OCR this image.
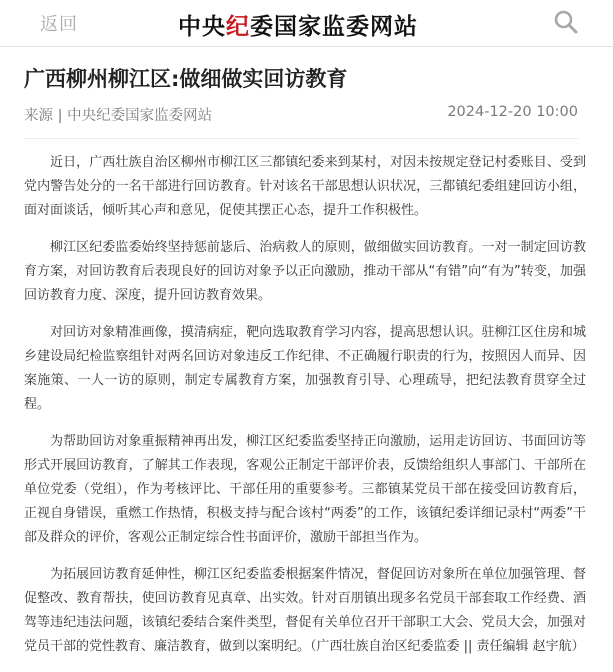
返回	中央纪委国家监委网站
广西柳州柳江区:做细做实回访教育
来源 | 中央纪委国家监委网站	2024-12-20 10:00

近日，广西壮族自治区柳州市柳江区三都镇纪委来到某村，对因未按规定登记村委账目、受到党内警告处分的一名干部进行回访教育。针对该名干部思想认识状况，三都镇纪委组建回访小组，面对面谈话，倾听其心声和意见，促使其摆正心态，提升工作积极性。

柳江区纪委监委始终坚持惩前毖后、治病救人的原则，做细做实回访教育。一对一制定回访教育方案，对回访教育后表现良好的回访对象予以正向激励，推动干部从“有错”向“有为”转变，加强回访教育力度、深度，提升回访教育效果。

对回访对象精准画像，摸清病症，靶向选取教育学习内容，提高思想认识。驻柳江区住房和城乡建设局纪检监察组针对两名回访对象违反工作纪律、不正确履行职责的行为，按照因人而异、因案施策、一人一访的原则，制定专属教育方案，加强教育引导、心理疏导，把纪法教育贯穿全过程。

为帮助回访对象重振精神再出发，柳江区纪委监委坚持正向激励，运用走访回访、书面回访等形式开展回访教育，了解其工作表现，客观公正制定干部评价表，反馈给组织人事部门、干部所在单位党委（党组），作为考核评比、干部任用的重要参考。三都镇某党员干部在接受回访教育后，正视自身错误，重燃工作热情，积极支持与配合该村“两委”的工作，该镇纪委详细记录村“两委”干部及群众的评价，客观公正制定综合性书面评价，激励干部担当作为。

为拓展回访教育延伸性，柳江区纪委监委根据案件情况，督促回访对象所在单位加强管理、督促整改、教育帮扶，使回访教育见真章、出实效。针对百朋镇出现多名党员干部套取工作经费、酒驾等违纪违法问题，该镇纪委结合案件类型，督促有关单位召开干部职工大会、党员大会，加强对党员干部的党性教育、廉洁教育，做到以案明纪。（广西壮族自治区纪委监委 || 责任编辑 赵宇航）
